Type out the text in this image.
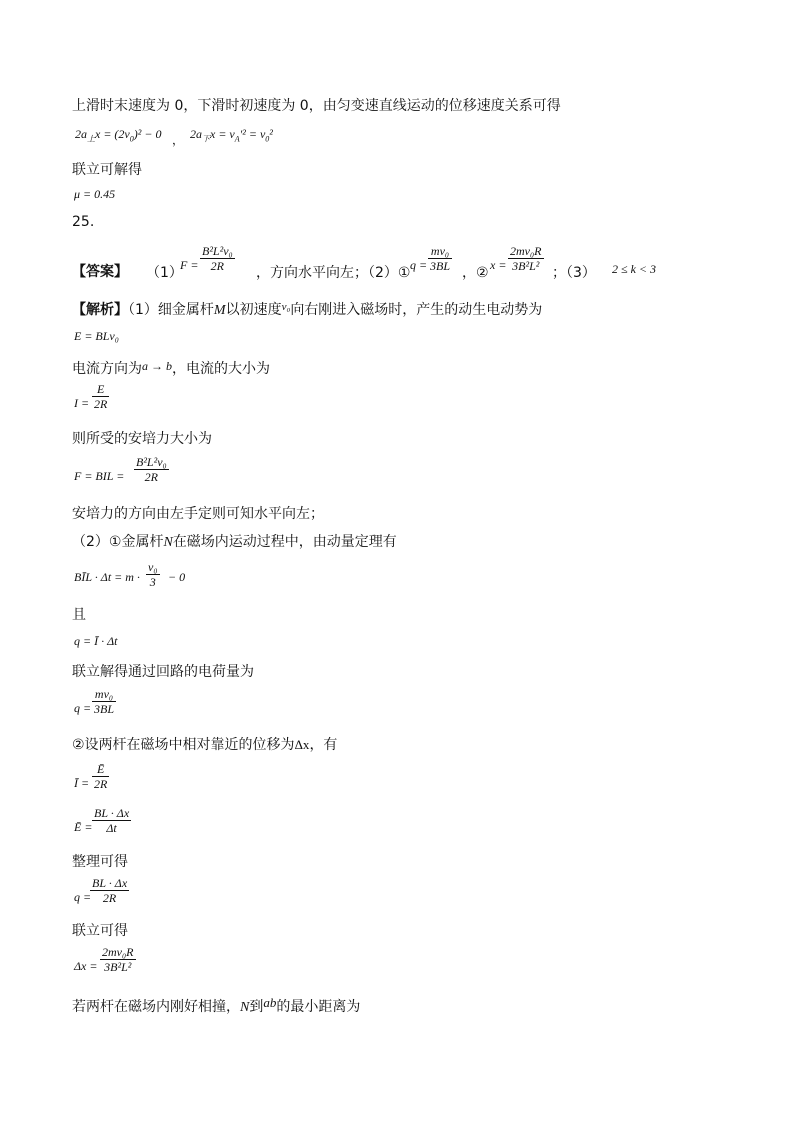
上滑时末速度为 0，下滑时初速度为 0，由匀变速直线运动的位移速度关系可得
$2a_上x = (2v_0)^2 - 0$ ， $2a_下x = v_A'^2 = v_0^2$
联立可解得
μ = 0.45
25.
【答案】 （1）
F =
B²L²v₀
2R	，方向水平向左；（2）① q =
mv₀
3BL ，② x =
2mv₀R
3B²L² ；（3） 2 ≤ k < 3
【解析】（1）细金属杆M以初速度$^{v_0}$向右刚进入磁场时，产生的动生电动势为
E = BLv₀
电流方向为a → b，电流的大小为
I =
E
2R
则所受的安培力大小为
F = BIL =
B²L²v₀
2R
安培力的方向由左手定则可知水平向左；
（2）①金属杆N在磁场内运动过程中，由动量定理有
BĪL · Δt = m ·
v₀
3	− 0
且
q = Ī · Δt
联立解得通过回路的电荷量为
q =
mv₀
3BL
②设两杆在磁场中相对靠近的位移为Δx，有
Ī =
Ē
2R
Ē =
BL · Δx
Δt
整理可得
q =
BL · Δx
2R
联立可得
Δx =
2mv₀R
3B²L²
若两杆在磁场内刚好相撞，N到ab的最小距离为
